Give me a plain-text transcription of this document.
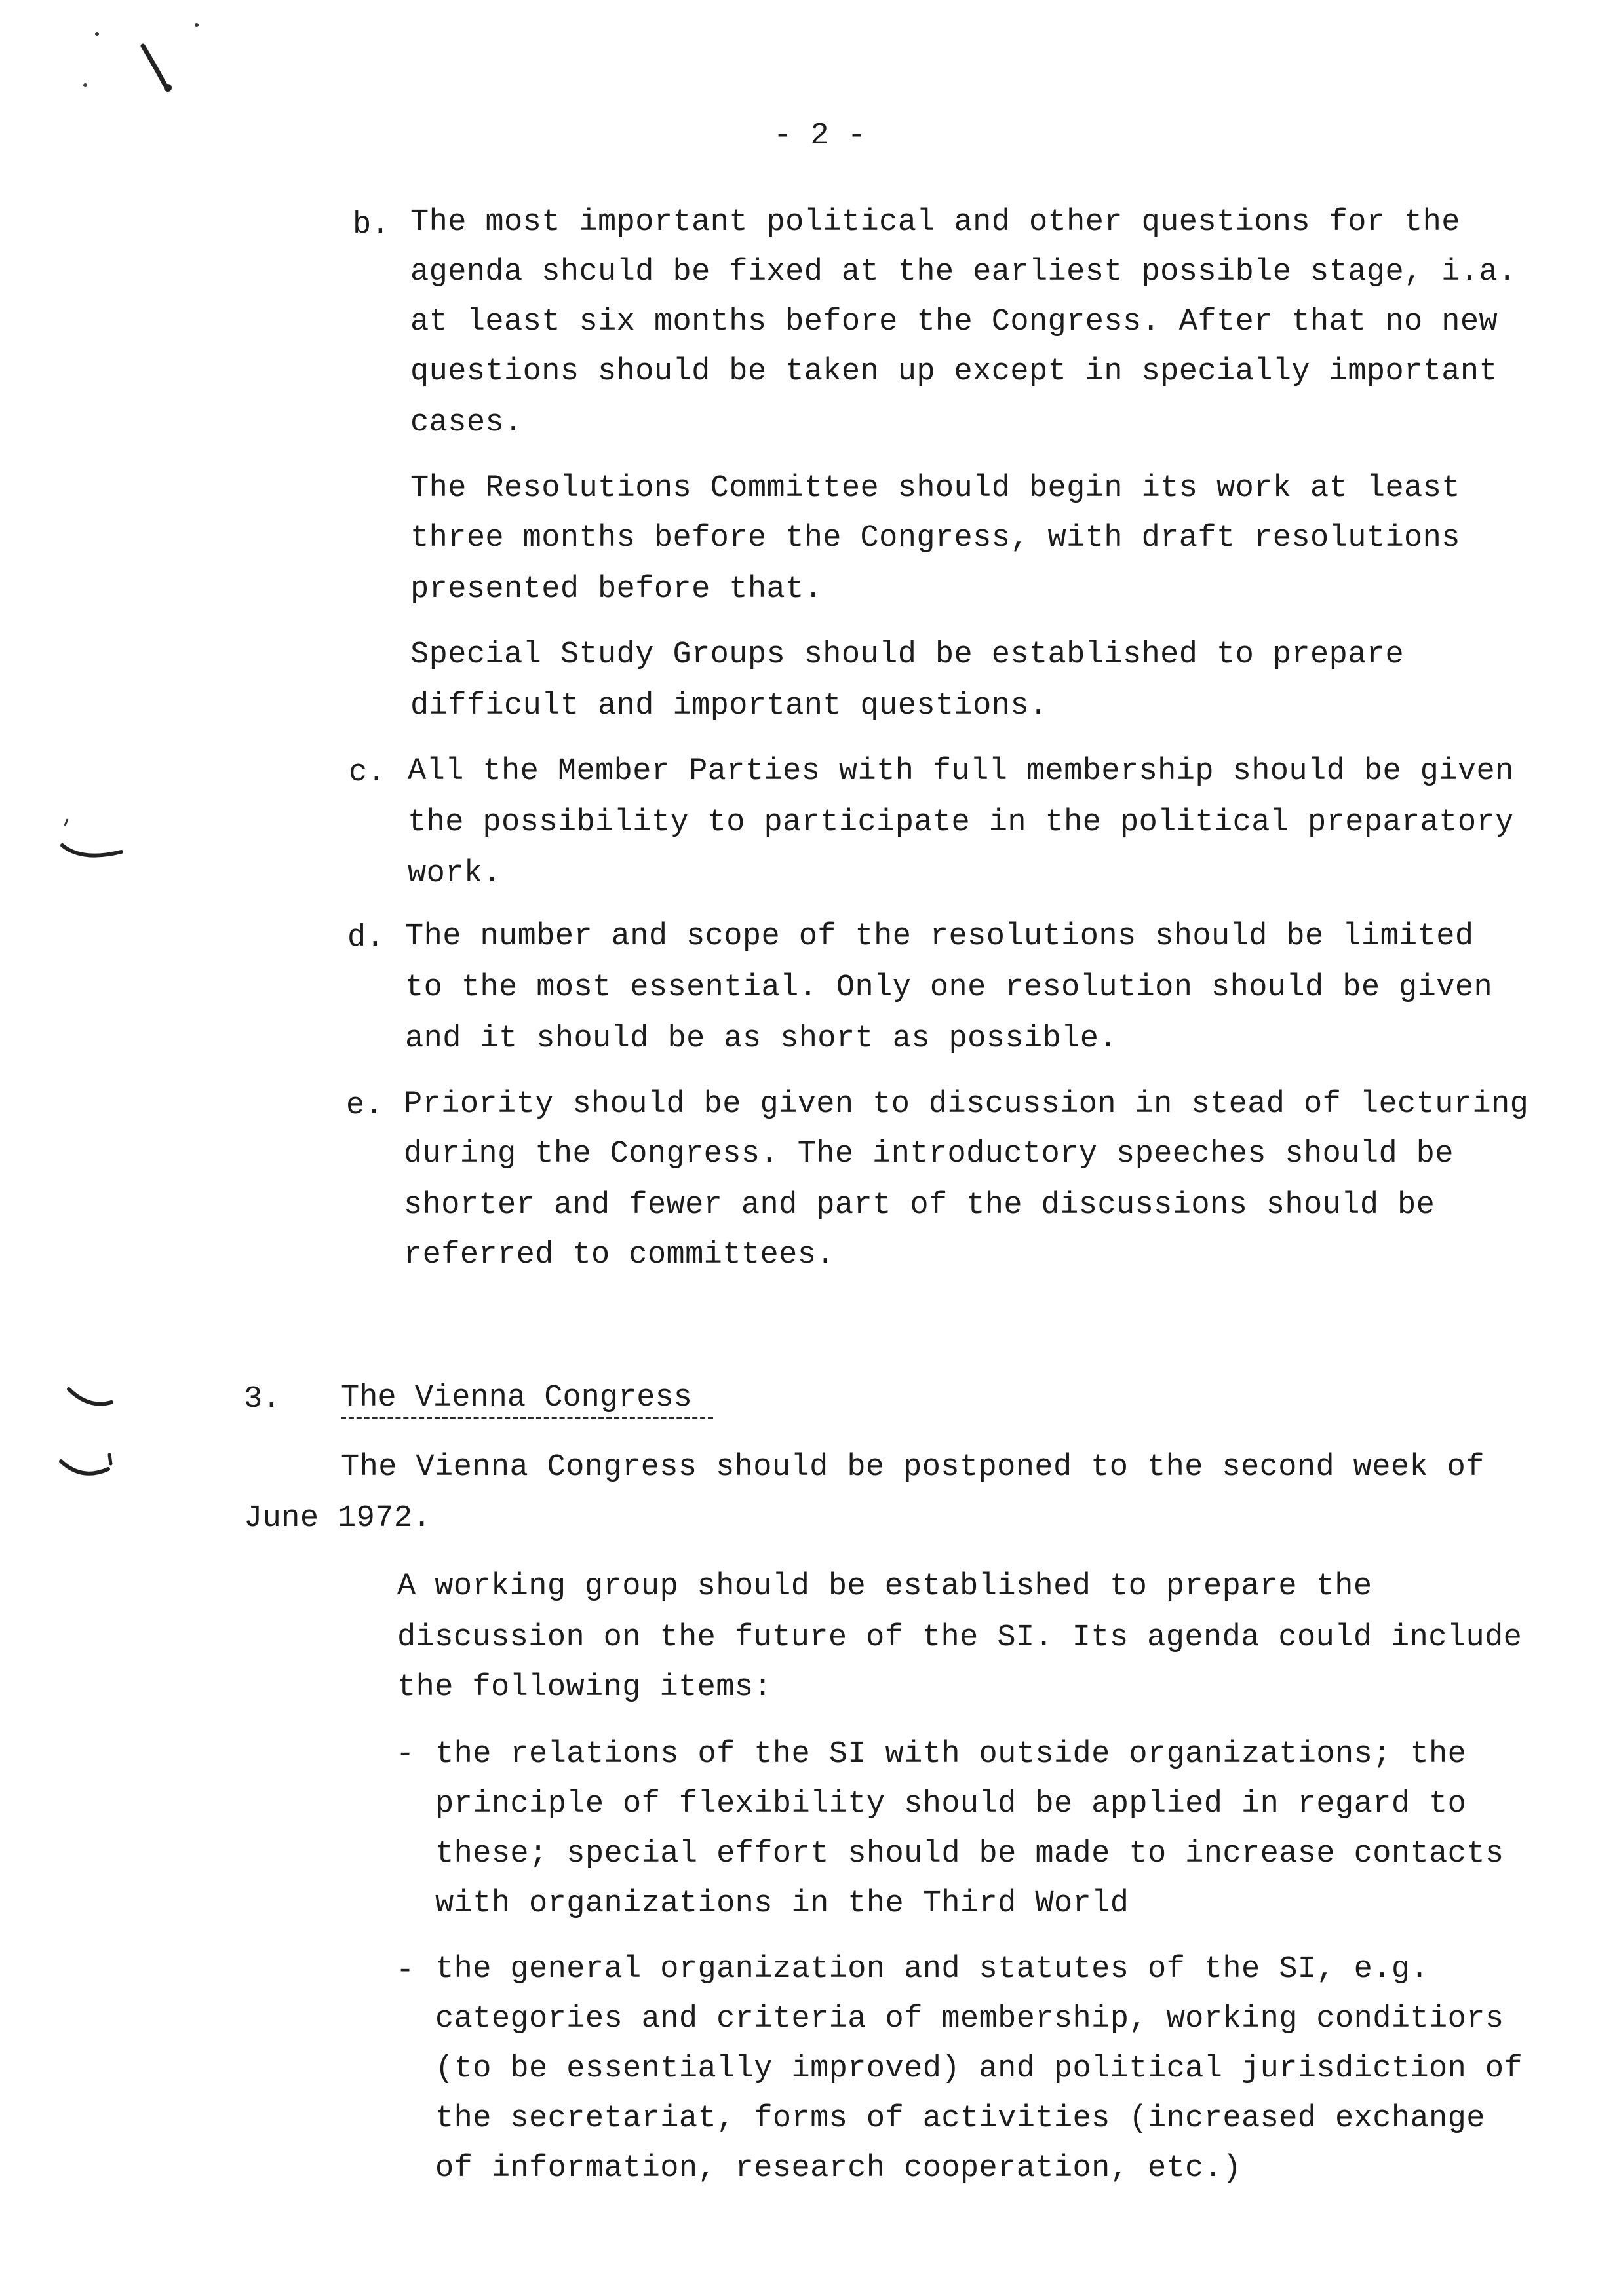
- 2 -
b. The most important political and other questions for the
agenda shculd be fixed at the earliest possible stage, i.a.
at least six months before the Congress. After that no new
questions should be taken up except in specially important
cases.
The Resolutions Committee should begin its work at least
three months before the Congress, with draft resolutions
presented before that.
Special Study Groups should be established to prepare
difficult and important questions.
c. All the Member Parties with full membership should be given
the possibility to participate in the political preparatory
work.
d. The number and scope of the resolutions should be limited
to the most essential. Only one resolution should be given
and it should be as short as possible.
e. Priority should be given to discussion in stead of lecturing
during the Congress. The introductory speeches should be
shorter and fewer and part of the discussions should be
referred to committees.
3. The Vienna Congress
The Vienna Congress should be postponed to the second week of
June 1972.
A working group should be established to prepare the
discussion on the future of the SI. Its agenda could include
the following items:
- the relations of the SI with outside organizations; the
principle of flexibility should be applied in regard to
these; special effort should be made to increase contacts
with organizations in the Third World
- the general organization and statutes of the SI, e.g.
categories and criteria of membership, working conditiors
(to be essentially improved) and political jurisdiction of
the secretariat, forms of activities (increased exchange
of information, research cooperation, etc.)
